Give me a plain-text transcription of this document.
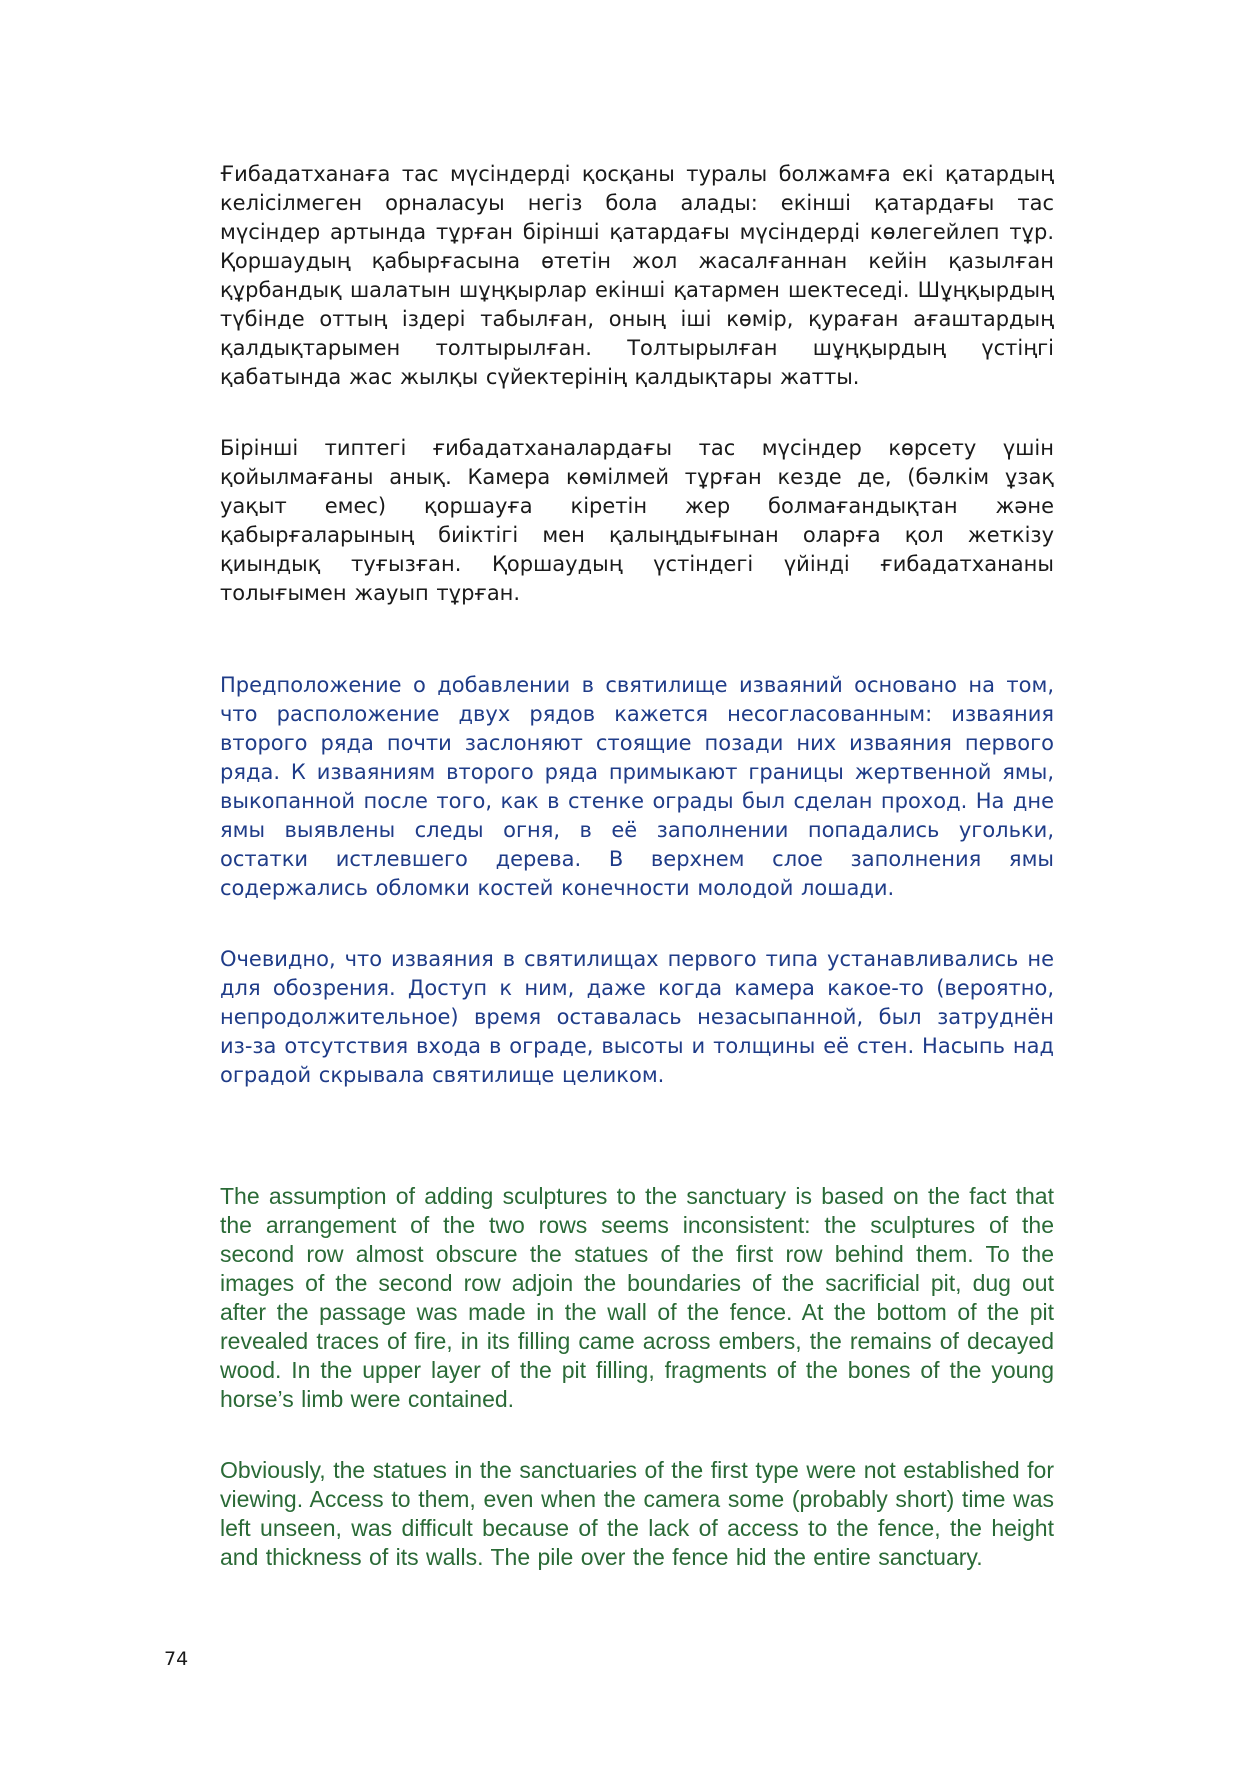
Ғибадатханаға тас мүсіндерді қосқаны туралы болжамға екі қатардың келісілмеген орналасуы негіз бола алады: екінші қатардағы тас мүсіндер артында тұрған бірінші қатардағы мүсіндерді көлегейлеп тұр. Қоршаудың қабырғасына өтетін жол жасалғаннан кейін қазылған құрбандық шалатын шұңқырлар екінші қатармен шектеседі. Шұңқырдың түбінде оттың іздері табылған, оның іші көмір, қураған ағаштардың қалдықтарымен толтырылған. Толтырылған шұңқырдың үстіңгі қабатында жас жылқы сүйектерінің қалдықтары жатты.

Бірінші типтегі ғибадатханалардағы тас мүсіндер көрсету үшін қойылмағаны анық. Камера көмілмей тұрған кезде де, (бәлкім ұзақ уақыт емес) қоршауға кіретін жер болмағандықтан және қабырғаларының биіктігі мен қалыңдығынан оларға қол жеткізу қиындық туғызған. Қоршаудың үстіндегі үйінді ғибадатхананы толығымен жауып тұрған.

Предположение о добавлении в святилище изваяний основано на том, что расположение двух рядов кажется несогласованным: изваяния второго ряда почти заслоняют стоящие позади них изваяния первого ряда. К изваяниям второго ряда примыкают границы жертвенной ямы, выкопанной после того, как в стенке ограды был сделан проход. На дне ямы выявлены следы огня, в её заполнении попадались угольки, остатки истлевшего дерева. В верхнем слое заполнения ямы содержались обломки костей конечности молодой лошади.

Очевидно, что изваяния в святилищах первого типа устанавливались не для обозрения. Доступ к ним, даже когда камера какое-то (вероятно, непродолжительное) время оставалась незасыпанной, был затруднён из-за отсутствия входа в ограде, высоты и толщины её стен. Насыпь над оградой скрывала святилище целиком.

The assumption of adding sculptures to the sanctuary is based on the fact that the arrangement of the two rows seems inconsistent: the sculptures of the second row almost obscure the statues of the first row behind them. To the images of the second row adjoin the boundaries of the sacrificial pit, dug out after the passage was made in the wall of the fence. At the bottom of the pit revealed traces of fire, in its filling came across embers, the remains of decayed wood. In the upper layer of the pit filling, fragments of the bones of the young horse’s limb were contained.

Obviously, the statues in the sanctuaries of the first type were not established for viewing. Access to them, even when the camera some (probably short) time was left unseen, was difficult because of the lack of access to the fence, the height and thickness of its walls. The pile over the fence hid the entire sanctuary.

74
